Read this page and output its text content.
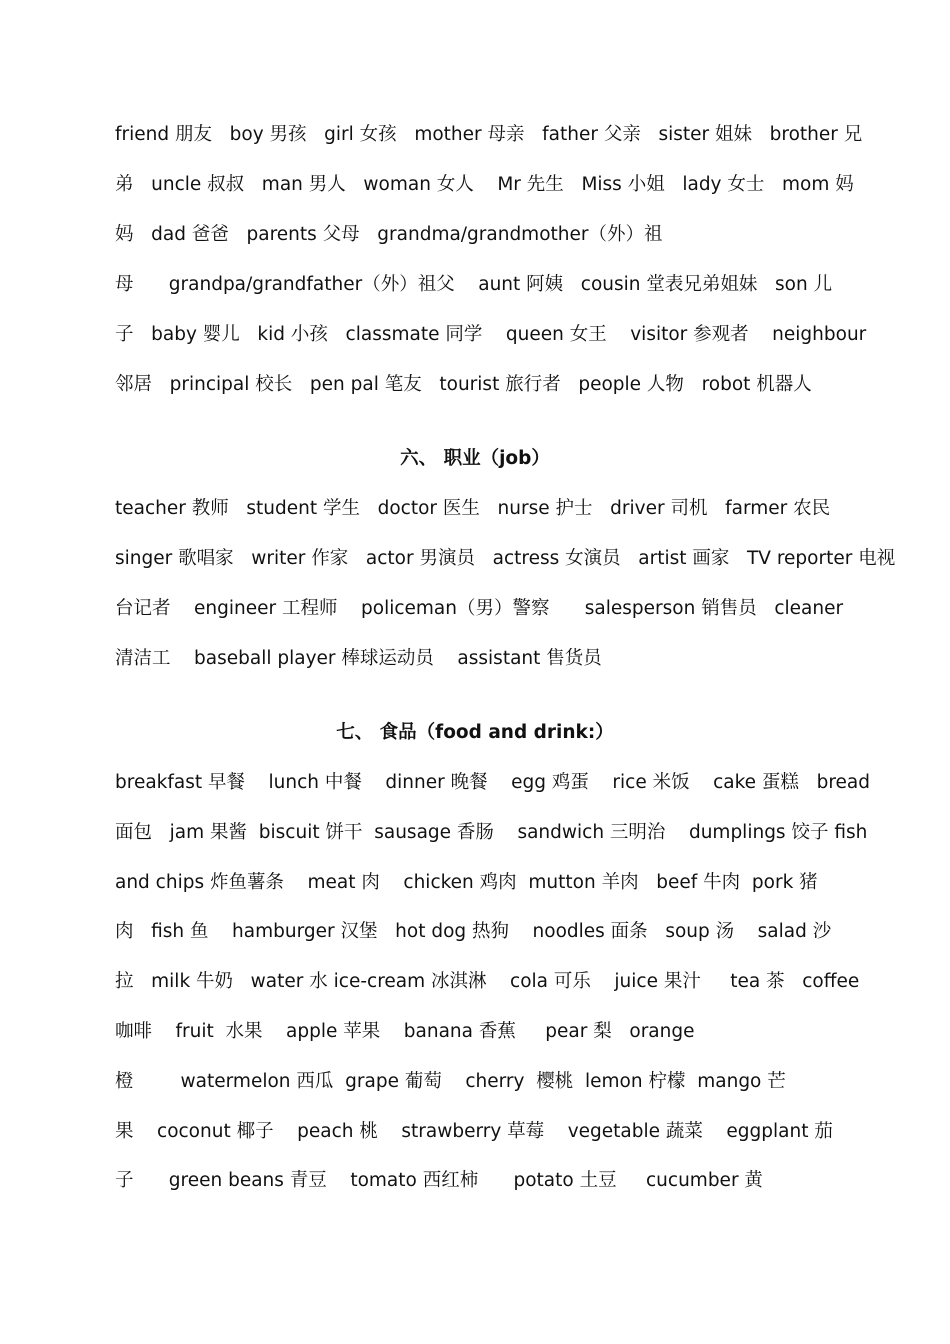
friend 朋友   boy 男孩   girl 女孩   mother 母亲   father 父亲   sister 姐妹   brother 兄
弟   uncle 叔叔   man 男人   woman 女人    Mr 先生   Miss 小姐   lady 女士   mom 妈
妈   dad 爸爸   parents 父母   grandma/grandmother（外）祖
母      grandpa/grandfather（外）祖父    aunt 阿姨   cousin 堂表兄弟姐妹   son 儿
子   baby 婴儿   kid 小孩   classmate 同学    queen 女王    visitor 参观者    neighbour
邻居   principal 校长   pen pal 笔友   tourist 旅行者   people 人物   robot 机器人
六、 职业（job）
teacher 教师   student 学生   doctor 医生   nurse 护士   driver 司机   farmer 农民
singer 歌唱家   writer 作家   actor 男演员   actress 女演员   artist 画家   TV reporter 电视
台记者    engineer 工程师    policeman（男）警察      salesperson 销售员   cleaner
清洁工    baseball player 棒球运动员    assistant 售货员
七、 食品（food and drink:）
breakfast 早餐    lunch 中餐    dinner 晚餐    egg 鸡蛋    rice 米饭    cake 蛋糕   bread
面包   jam 果酱  biscuit 饼干  sausage 香肠    sandwich 三明治    dumplings 饺子 fish
and chips 炸鱼薯条    meat 肉    chicken 鸡肉  mutton 羊肉   beef 牛肉  pork 猪
肉   fish 鱼    hamburger 汉堡   hot dog 热狗    noodles 面条   soup 汤    salad 沙
拉   milk 牛奶   water 水 ice-cream 冰淇淋    cola 可乐    juice 果汁     tea 茶   coffee
咖啡    fruit  水果    apple 苹果    banana 香蕉     pear 梨   orange
橙        watermelon 西瓜  grape 葡萄    cherry  樱桃  lemon 柠檬  mango 芒
果    coconut 椰子    peach 桃    strawberry 草莓    vegetable 蔬菜    eggplant 茄
子      green beans 青豆    tomato 西红柿      potato 土豆     cucumber 黄
